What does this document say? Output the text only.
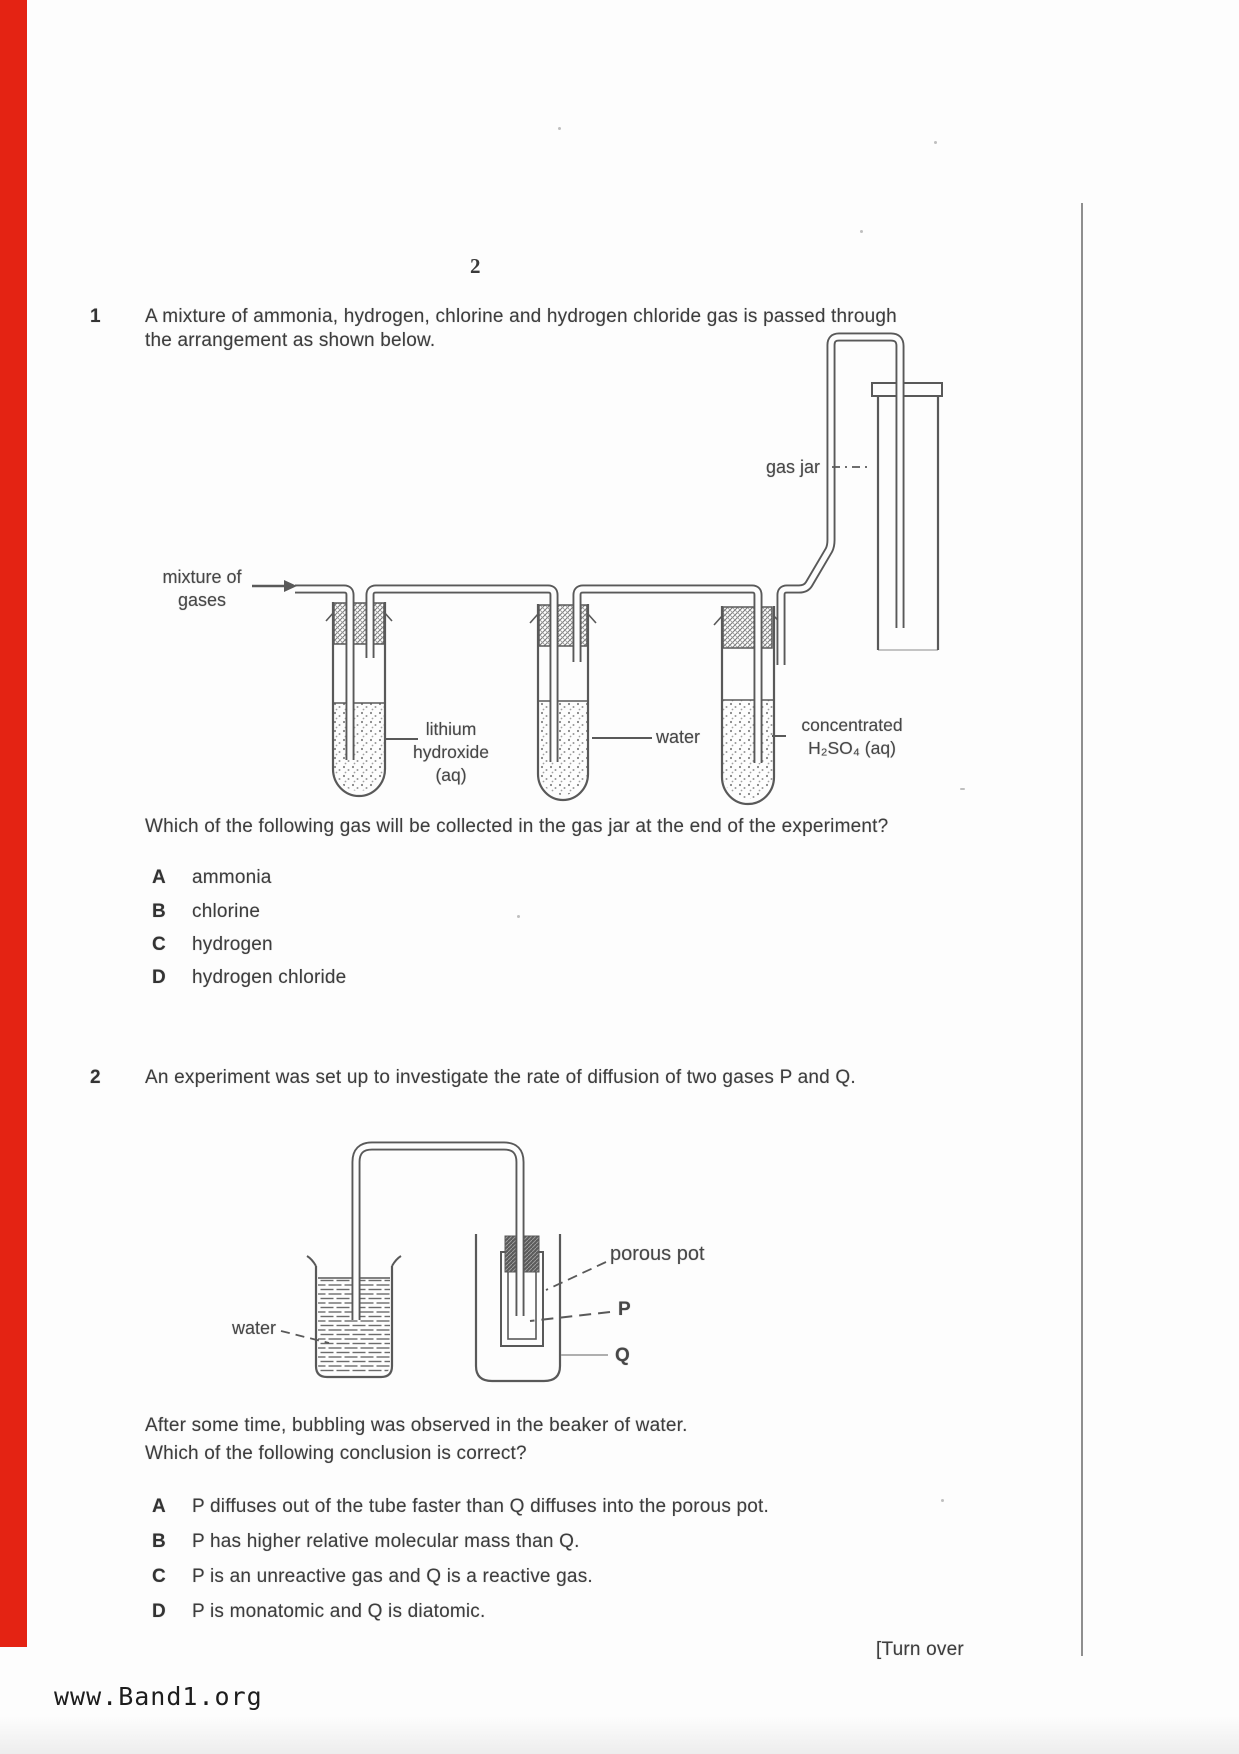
2
1 A mixture of ammonia, hydrogen, chlorine and hydrogen chloride gas is passed through
the arrangement as shown below.
gas jar
mixture of
gases
lithium
hydroxide
(aq)
water
concentrated
H₂SO₄ (aq)
Which of the following gas will be collected in the gas jar at the end of the experiment?
A ammonia
B chlorine
C hydrogen
D hydrogen chloride
2 An experiment was set up to investigate the rate of diffusion of two gases P and Q.
porous pot
P
Q
water
After some time, bubbling was observed in the beaker of water.
Which of the following conclusion is correct?
A P diffuses out of the tube faster than Q diffuses into the porous pot.
B P has higher relative molecular mass than Q.
C P is an unreactive gas and Q is a reactive gas.
D P is monatomic and Q is diatomic.
[Turn over
www.Band1.org
